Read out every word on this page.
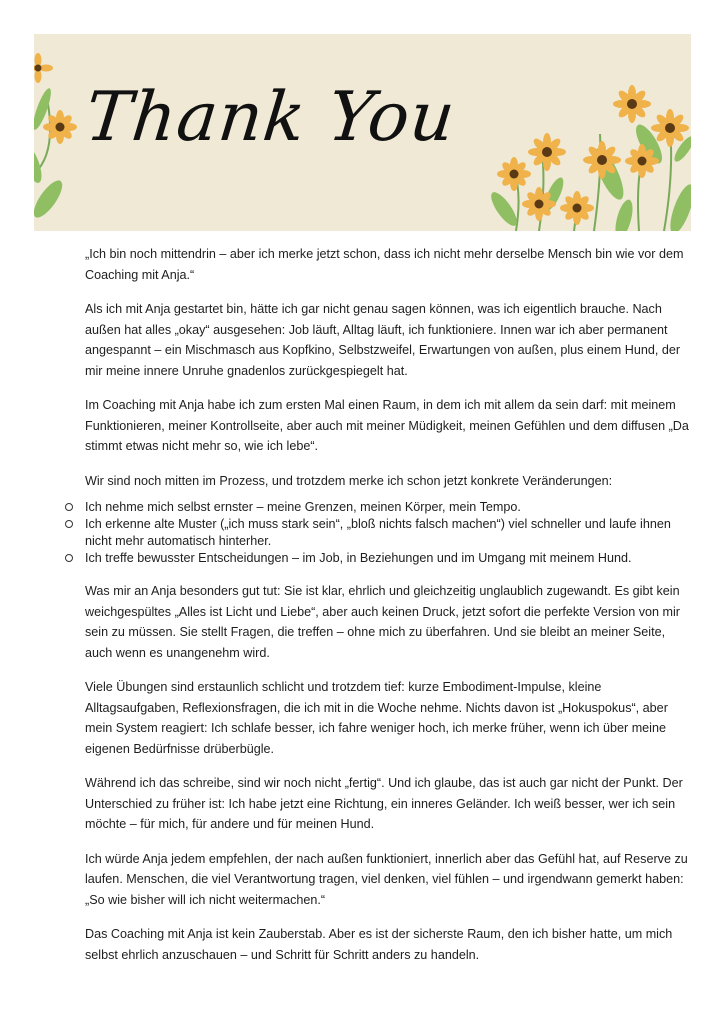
Thank You

„Ich bin noch mittendrin – aber ich merke jetzt schon, dass ich nicht mehr derselbe Mensch bin wie vor dem Coaching mit Anja.“

Als ich mit Anja gestartet bin, hätte ich gar nicht genau sagen können, was ich eigentlich brauche. Nach außen hat alles „okay“ ausgesehen: Job läuft, Alltag läuft, ich funktioniere. Innen war ich aber permanent angespannt – ein Mischmasch aus Kopfkino, Selbstzweifel, Erwartungen von außen, plus einem Hund, der mir meine innere Unruhe gnadenlos zurückgespiegelt hat.

Im Coaching mit Anja habe ich zum ersten Mal einen Raum, in dem ich mit allem da sein darf: mit meinem Funktionieren, meiner Kontrollseite, aber auch mit meiner Müdigkeit, meinen Gefühlen und dem diffusen „Da stimmt etwas nicht mehr so, wie ich lebe“.

Wir sind noch mitten im Prozess, und trotzdem merke ich schon jetzt konkrete Veränderungen:

Ich nehme mich selbst ernster – meine Grenzen, meinen Körper, mein Tempo.
Ich erkenne alte Muster („ich muss stark sein“, „bloß nichts falsch machen“) viel schneller und laufe ihnen nicht mehr automatisch hinterher.
Ich treffe bewusster Entscheidungen – im Job, in Beziehungen und im Umgang mit meinem Hund.

Was mir an Anja besonders gut tut: Sie ist klar, ehrlich und gleichzeitig unglaublich zugewandt. Es gibt kein weichgespültes „Alles ist Licht und Liebe“, aber auch keinen Druck, jetzt sofort die perfekte Version von mir sein zu müssen. Sie stellt Fragen, die treffen – ohne mich zu überfahren. Und sie bleibt an meiner Seite, auch wenn es unangenehm wird.

Viele Übungen sind erstaunlich schlicht und trotzdem tief: kurze Embodiment-Impulse, kleine Alltagsaufgaben, Reflexionsfragen, die ich mit in die Woche nehme. Nichts davon ist „Hokuspokus“, aber mein System reagiert: Ich schlafe besser, ich fahre weniger hoch, ich merke früher, wenn ich über meine eigenen Bedürfnisse drüberbügle.

Während ich das schreibe, sind wir noch nicht „fertig“. Und ich glaube, das ist auch gar nicht der Punkt. Der Unterschied zu früher ist: Ich habe jetzt eine Richtung, ein inneres Geländer. Ich weiß besser, wer ich sein möchte – für mich, für andere und für meinen Hund.

Ich würde Anja jedem empfehlen, der nach außen funktioniert, innerlich aber das Gefühl hat, auf Reserve zu laufen. Menschen, die viel Verantwortung tragen, viel denken, viel fühlen – und irgendwann gemerkt haben: „So wie bisher will ich nicht weitermachen.“

Das Coaching mit Anja ist kein Zauberstab. Aber es ist der sicherste Raum, den ich bisher hatte, um mich selbst ehrlich anzuschauen – und Schritt für Schritt anders zu handeln.
